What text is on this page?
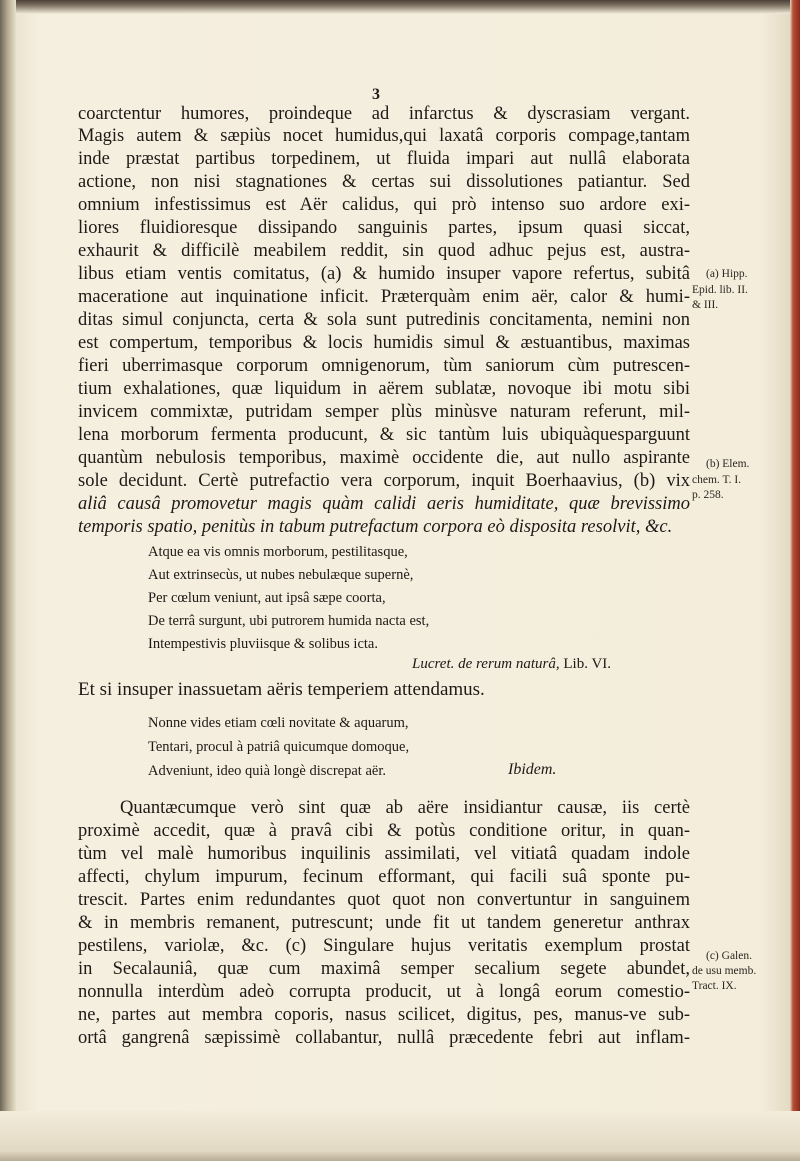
3
coarctentur humores, proindeque ad infarctus & dyscrasiam vergant.
Magis autem & sæpiùs nocet humidus,qui laxatâ corporis compage,tantam
inde præstat partibus torpedinem, ut fluida impari aut nullâ elaborata
actione, non nisi stagnationes & certas sui dissolutiones patiantur. Sed
omnium infestissimus est Aër calidus, qui prò intenso suo ardore exi-
liores fluidioresque dissipando sanguinis partes, ipsum quasi siccat,
exhaurit & difficilè meabilem reddit, sin quod adhuc pejus est, austra-
libus etiam ventis comitatus, (a) & humido insuper vapore refertus, subitâ
maceratione aut inquinatione inficit. Præterquàm enim aër, calor & humi-
ditas simul conjuncta, certa & sola sunt putredinis concitamenta, nemini non
est compertum, temporibus & locis humidis simul & æstuantibus, maximas
fieri uberrimasque corporum omnigenorum, tùm saniorum cùm putrescen-
tium exhalationes, quæ liquidum in aërem sublatæ, novoque ibi motu sibi
invicem commixtæ, putridam semper plùs minùsve naturam referunt, mil-
lena morborum fermenta producunt, & sic tantùm luis ubiquàquesparguunt
quantùm nebulosis temporibus, maximè occidente die, aut nullo aspirante
sole decidunt. Certè putrefactio vera corporum, inquit Boerhaavius, (b) vix
aliâ causâ promovetur magis quàm calidi aeris humiditate, quæ brevissimo
temporis spatio, penitùs in tabum putrefactum corpora eò disposita resolvit, &c.
Atque ea vis omnis morborum, pestilitasque,
Aut extrinsecùs, ut nubes nebulæque supernè,
Per cœlum veniunt, aut ipsâ sæpe coorta,
De terrâ surgunt, ubi putrorem humida nacta est,
Intempestivis pluviisque & solibus icta.
Lucret. de rerum naturâ, Lib. VI.
Et si insuper inassuetam aëris temperiem attendamus.
Nonne vides etiam cœli novitate & aquarum,
Tentari, procul à patriâ quicumque domoque,
Adveniunt, ideo quià longè discrepat aër.	Ibidem.
Quantæcumque verò sint quæ ab aëre insidiantur causæ, iis certè
proximè accedit, quæ à pravâ cibi & potùs conditione oritur, in quan-
tùm vel malè humoribus inquilinis assimilati, vel vitiatâ quadam indole
affecti, chylum impurum, fecinum efformant, qui facili suâ sponte pu-
trescit. Partes enim redundantes quot quot non convertuntur in sanguinem
& in membris remanent, putrescunt; unde fit ut tandem generetur anthrax
pestilens, variolæ, &c. (c) Singulare hujus veritatis exemplum prostat
in Secalauniâ, quæ cum maximâ semper secalium segete abundet,
nonnulla interdùm adeò corrupta producit, ut à longâ eorum comestio-
ne, partes aut membra coporis, nasus scilicet, digitus, pes, manus-ve sub-
ortâ gangrenâ sæpissimè collabantur, nullâ præcedente febri aut inflam-
(a) Hipp.
Epid. lib. II.
& III.
(b) Elem.
chem. T. I.
p. 258.
(c) Galen.
de usu memb.
Tract. IX.
